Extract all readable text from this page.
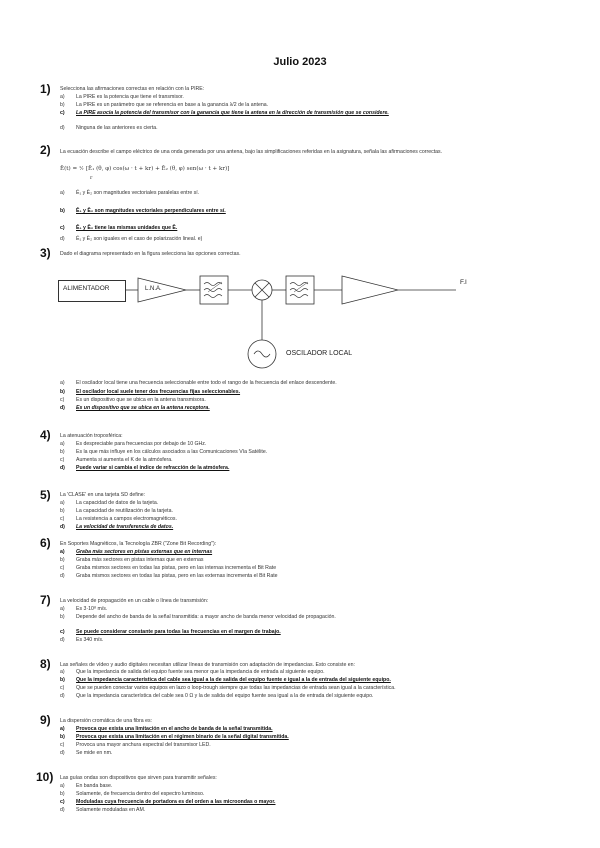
Julio 2023
1) Selecciona las afirmaciones correctas en relación con la PIRE:
a) La PIRE es la potencia que tiene el transmisor.
b) La PIRE es un parámetro que se referencia en base a la ganancia λ/2 de la antena.
c) La PIRE asocia la potencia del transmisor con la ganancia que tiene la antena en la dirección de transmisión que se considere.
d) Ninguna de las anteriores es cierta.
2) La ecuación describe el campo eléctrico de una onda generada por una antena, bajo las simplificaciones referidas en la asignatura, señala las afirmaciones correctas.
Ē(t) = ¹⁄ᵣ [Ē₁ (θ, φ) cos(ω · t + kr) + Ē₂ (θ, φ) sen(ω · t + kr)]
r
a) Ē₁ y Ē₂ son magnitudes vectoriales paralelas entre sí.
b) Ē₁ y Ē₂ son magnitudes vectoriales perpendiculares entre sí.
c) Ē₁ y Ē₂ tiene las mismas unidades que Ē.
d) Ē₁ y Ē₂ son iguales en el caso de polarización lineal. e)
3) Dado el diagrama representado en la figura selecciona las opciones correctas.
ALIMENTADOR	L.N.A.
F.I
OSCILADOR LOCAL
a) El oscilador local tiene una frecuencia seleccionable entre todo el rango de la frecuencia del enlace descendente.
b) El oscilador local suele tener dos frecuencias fijas seleccionables.
c) Es un dispositivo que se ubica en la antena transmisora.
d) Es un dispositivo que se ubica en la antena receptora.
4) La atenuación troposférica:
a) Es despreciable para frecuencias por debajo de 10 GHz.
b) Es la que más influye en los cálculos asociados a las Comunicaciones Vía Satélite.
c) Aumenta si aumenta el K de la atmósfera.
d) Puede variar si cambia el índice de refracción de la atmósfera.
5) La 'CLASE' en una tarjeta SD define:
a) La capacidad de datos de la tarjeta.
b) La capacidad de reutilización de la tarjeta.
c) La resistencia a campos electromagnéticos.
d) La velocidad de transferencia de datos.
6) En Soportes Magnéticos, la Tecnología ZBR ("Zone Bit Recording"):
a) Graba más sectores en pistas externas que en internas
b) Graba más sectores en pistas internas que en externas
c) Graba mismos sectores en todas las pistas, pero en las internas incrementa el Bit Rate
d) Graba mismos sectores en todas las pistas, pero en las externas incrementa el Bit Rate
7) La velocidad de propagación en un cable o línea de transmisión:
a) Es 3·10⁸ m/s.
b) Depende del ancho de banda de la señal transmitida: a mayor ancho de banda menor velocidad de propagación.
c) Se puede considerar constante para todas las frecuencias en el margen de trabajo.
d) Es 340 m/s.
8) Las señales de vídeo y audio digitales necesitan utilizar líneas de transmisión con adaptación de impedancias. Esto consiste en:
a) Que la impedancia de salida del equipo fuente sea menor que la impedancia de entrada al siguiente equipo.
b) Que la impedancia característica del cable sea igual a la de salida del equipo fuente e igual a la de entrada del siguiente equipo.
c) Que se pueden conectar varios equipos en lazo o loop-trough siempre que todas las impedancias de entrada sean igual a la característica.
d) Que la impedancia característica del cable sea 0 Ω y la de salida del equipo fuente sea igual a la de entrada del siguiente equipo.
9) La dispersión cromática de una fibra es:
a) Provoca que exista una limitación en el ancho de banda de la señal transmitida.
b) Provoca que exista una limitación en el régimen binario de la señal digital transmitida.
c) Provoca una mayor anchura espectral del transmisor LED.
d) Se mide en nm.
10) Las guías ondas son dispositivos que sirven para transmitir señales:
a) En banda base.
b) Solamente, de frecuencia dentro del espectro luminoso.
c) Moduladas cuya frecuencia de portadora es del orden a las microondas o mayor.
d) Solamente moduladas en AM.
